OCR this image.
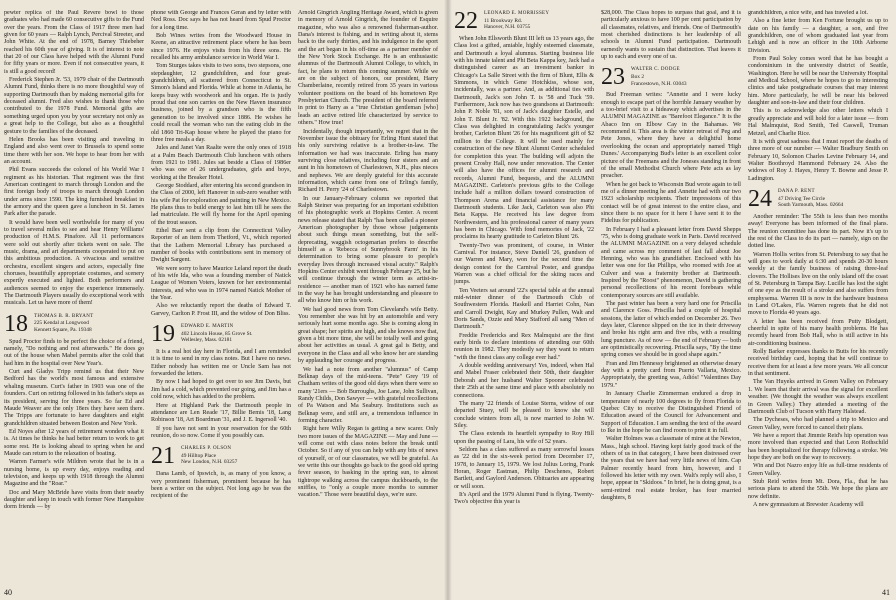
pewter replica of the Paul Revere bowl to those graduates who had made 60 consecutive gifts to the Fund over the years. From the Class of 1917 three men had given for 60 years — Ralph Lynch, Percival Streeter, and John White. At the end of 1978, Barney Thiebeher reached his 60th year of giving. It is of interest to note that 20 of our Class have helped with the Alumni Fund for fifty years or more. Even if not consecutive years, it is still a good record!

Frederick Stephen Jr. '53, 1979 chair of the Dartmouth Alumni Fund, thinks there is no more thoughtful way of supporting Dartmouth than by making memorial gifts for deceased alumni. Fred also wishes to thank those who contributed to the 1978 Fund. Memorial gifts are something urged upon you by your secretary not only as a great help to the College, but also as a thoughtful gesture to the families of the deceased.

Helen Brooks has been visiting and traveling in England and also went over to Brussels to spend some time there with her son. We hope to hear from her with an account.

Phil Evans succeeds the colonel of his World War I regiment as his historian. That regiment was the first American contingent to march through London and the first foreign body of troops to march through London under arms since 1590. The king furnished breakfast in the armory and the queen gave a luncheon in St. James Park after the parade.

It would have been well worthwhile for many of you to travel several miles to see and hear Henry Williams' production of H.M.S. Pinafore. All 11 performances were sold out shortly after tickets went on sale. The music, drama, and art departments cooperated to put on this ambitious production. A vivacious and sensitive orchestra, excellent singers and actors, especially fine choruses, beautifully appropriate costumes, and scenery expertly executed and lighted. Both performers and audiences seemed to enjoy the experience immensely. The Dartmouth Players usually do exceptional work with musicals. Let us have more of them!

18 THOMAS B. R. BRYANT
225 Kendal at Longwood
Kennett Square, Pa. 19348

Spud Proctor finds to be perfect the choice of a friend, namely, "Do nothing and rest afterwards." He does go out of the house when Mabel permits after the cold that had him in the hospital over New Year's.

Curt and Gladys Tripp remind us that their New Bedford has the world's most famous and extensive whaling museum. Curt's father in 1903 was one of the founders. Curt on retiring followed in his father's steps as its president, serving for three years. So far Ed and Maude Weaver are the only 18ers they have seen there. The Tripps are fortunate to have daughters and eight grandchildren situated between Boston and New York.

Ed Noyes after 12 years of retirement wonders what it is. At times he thinks he had better return to work to get some rest. He is looking ahead to spring when he and Maude can return to the relaxation of boating.

Warren Farmer's wife Mildren wrote that he is in a nursing home, is up every day, enjoys reading and television, and keeps up with 1918 through the Alumni Magazine and the "Roar."

Doc and Mary McBride have visits from their nearby daughter and keep in touch with former New Hampshire dorm friends — by

phone with George and Frances Geran and by letter with Ned Ross. Doc says he has not heard from Spud Proctor for a long time.

Bob Wines writes from the Woodward House in Keene, an attractive retirement place where he has been since 1976. He enjoys visits from his three sons. He recalled his army ambulance service in World War I.

Tom Sturges takes visits to two sons, two stepsons, one stepdaughter, 12 grandchildren, and four great-grandchildren, all scattered from Connecticut to St. Simon's Island and Florida. While at home in Atlanta, he keeps busy with woodwork and his organ. He is justly proud that one son carries on the New Haven insurance business, joined by a grandson who is the fifth generation to be involved since 1886. He wishes he could recall the woman who ran the eating club in the old 1860 Tri-Kap house where he played the piano for three free meals a day.

Jules and Janet Van Raalte were the only ones of 1918 at a Palm Beach Dartmouth Club luncheon with others from 1921 to 1981. Jules sat beside a Class of 1986er who was one of 26 undergraduates, girls and boys, working at the Breaker Hotel.

George Stoddard, after entering his second grandson in the Class of 2000, left Hanover in sub-zero weather with his wife Pat for exploration and painting in New Mexico. He plans thus to build energy to last him till he sees the lad matriculate. He will fly home for the April opening of the trout season.

Ethel Barr sent a clip from the Connecticut Valley Reporter of an item from Thetford, Vt., which reported that the Lathem Memorial Library has purchased a number of books with contributions sent in memory of Dwight Sargent.

We were sorry to have Maurice Leland report the death of his wife Ida, who was a founding member of Natick League of Women Voters, known for her environmental interests, and who was in 1974 named Natick Mother of the Year.

Also we reluctantly report the deaths of Edward T. Garvey, Carlton P. Frost III, and the widow of Don Bliss.

19 EDWARD E. MARTIN
402 Lincoln House, 85 Grove St.
Wellesley, Mass. 02181

It is a real hot day here in Florida, and I am reminded it is time to send in my class notes. But I have no news. Either nobody has written me or Uncle Sam has not forwarded the letters.

By now I had hoped to get over to see Jim Davis, but Jim had a cold, which prevented our going, and Jim has a cold now, which has added to the problem.

Here at Highland Park the Dartmouth people in attendance are Len Reade '17, Billie Bemis '18, Lang Robinson '18, Art Boardman '31, and J. E. Ingersoll '40.

If you have not sent in your reservation for the 60th reunion, do so now. Come if you possibly can.

21 CHARLES P. OLSON
49 Hilltop Place
New London, N.H. 03257

Dana Lamb, of Ipswich, is, as many of you know, a very prominent fisherman, prominent because he has been a writer on the subject. Not long ago he was the recipient of the

Arnold Gingrich Angling Heritage Award, which is given in memory of Arnold Gingrich, the founder of Esquire magazine, who was also a renowned fisherman-author. Dana's interest is fishing, and in writing about it, stems back to the early thirties, and his indulgence in the sport and the art began in his off-time as a partner member of the New York Stock Exchange. He is an enthusiastic alumnus of the Dartmouth Alumni College, to which, in fact, he plans to return this coming summer. While we are on the subject of honors, our president, Harry Chamberlaine, recently retired from 35 years in various volunteer positions on the board of his hometown Rye Presbyterian Church. The president of the board referred in print to Harry as a "true Christian gentleman [who] leads an active retired life characterized by service to others." How true!

Incidentally, though importantly, we regret that in the November issue the obituary for Erling Hunt stated that his only surviving relative is a brother-in-law. The information we had was inaccurate. Erling has many surviving close relatives, including four sisters and an aunt in his hometown of Charlestown, N.H., plus nieces and nephews. We are deeply grateful for this accurate information, which came from one of Erling's family, Richard H. Perry '24 of Charlestown.

In our January-February column we reported that Ralph Steiner was preparing for an important exhibition of his photographic work at Hopkins Center. A recent news release stated that Ralph "has been called a pioneer American photographer by those whose judgements about such things mean something, but the self-deprecating, waggish octogenarian prefers to describe himself as a 'Rebecca of Sunnybrook Farm' in his determination to bring some pleasure to people's everyday lives through increased visual acuity." Ralph's Hopkins Center exhibit went through February 25, but he will continue through the winter term as artist-in-residence — another man of 1921 who has earned fame in the way he has brought understanding and pleasure to all who know him or his work.

We had good news from Tom Cleveland's wife Betty. You remember she was hit by an automobile and very seriously hurt some months ago. She is coming along in great shape; her spirits are high, and she knows now that, given a bit more time, she will be totally well and going about her activities as usual. A great gal is Betty, and everyone in the Class and all who know her are standing by applauding her courage and progress.

We had a note from another "alumnus" of Camp Belknap days of the mid-teens. "Pete" Grey '19 of Chatham writes of the good old days when there were so many '21ers — Bob Burroughs, Joe Lane, John Sullivan, Randy Childs, Don Sawyer — with grateful recollections of Pa Watson and Ma Seabury. Institutions such as Belknap were, and still are, a tremendous influence in forming character.

Right here Willy Regan is getting a new scarer. Only two more issues of the MAGAZINE — May and June — will come out with class notes before the break until October. So if any of you can help with any bits of news of yourself, or of our classmates, we will be grateful. As we write this our thoughts go back to the good old spring fever season, to basking in the spring sun, to almost tightrope walking across the campus duckboards, to the sniffles, to "only a couple more months to summer vacation." Those were beautiful days, we're sure.

40
22 LEONARD E. MORRISSEY
11 Brookway Rd.
Hanover, N.H. 03755

When John Ellsworth Blunt III left us 13 years ago, the Class lost a gifted, amiable, highly esteemed classmate, and Dartmouth a loyal alumnus. Starting business life with his innate talent and Phi Beta Kappa key, Jack had a distinguished career as an investment banker in Chicago's La Salle Street with the firm of Blunt, Ellis & Simmons, in which Gene Hotchkiss, whose son, incidentally, was a partner. And, as additional ties with Dartmouth, Jack's son John T. is '58 and Tuck '59. Furthermore, Jack now has two grandsons at Dartmouth: John P. Noble '81, son of Jack's daughter Estelle, and John T. Blunt Jr. '82. With this 1922 background, the Class was delighted in congratulating Jack's younger brother, Carleton Blunt '26 for his magnificent gift of $2 million to the College. It will be used mainly for construction of the new Blunt Alumni Center scheduled for completion this year. The building will adjoin the present Crosby Hall, now under renovation. The Center will also have the offices for alumni research and records, Alumni Fund, bequests, and the ALUMNI MAGAZINE. Carleton's previous gifts to the College include half a million dollars toward construction of Thompson Arena and financial assistance for many Dartmouth students. Like Jack, Carleton was also Phi Beta Kappa. He received his law degree from Northwestern, and his professional career of many years has been in Chicago. With fond memories of Jack, '22 proclaims its hearty gratitude to Carleton Blunt '26.

Twenty-Two was prominent, of course, in Winter Carnival. For instance, Steve Daniell '26, grandson of our Warren and Mary, won for the second time the design contest for the Carnival Poster, and grandpa Warren was a chief official for the skiing races and jumps.

Ten Veeters sat around '22's special table at the annual mid-winter dinner of the Dartmouth Club of Southwestern Florida. Haskell and Harriet Cohn, Nan and Carroll Dwight, Kay and Murkey Pullen, Walt and Doris Sands, Ozzie and Mary Stafford all sang "Men of Dartmouth."

Freddie Fredericks and Rex Malmquist are the first early birds to declare intentions of attending our 60th reunion in 1982. They modestly say they want to return "with the finest class any college ever had."

A double wedding anniversary! Yes, indeed, when Hal and Mabel Fraser celebrated their 50th, their daughter Deborah and her husband Walter Spooner celebrated their 25th at the same time and place with absolutely no connections.

The many '22 friends of Louise Sterns, widow of our departed Stuey, will be pleased to know she will conclude winters from all, is now married to John W. Siley.

The Class extends its heartfelt sympathy to Roy Hill upon the passing of Lara, his wife of 52 years.

Seldom has a class suffered as many sorrowful losses as '22 did in the six-week period from December 17, 1978, to January 15, 1979. We lost Julius Loring, Frank Horan, Roger Eastman, Philip Deschenes, Robert Bartlett, and Gaylord Anderson. Obituaries are appearing or will soon.

It's April and the 1979 Alumni Fund is flying. Twenty-Two's objective this year is

$28,000. The Class hopes to surpass that goal, and it is particularly anxious to have 100 per cent participation by all classmates, relatives, and friends. One of Dartmouth's most cherished distinctions is her leadership of all schools in Alumni Fund participation. Dartmouth earnestly wants to sustain that distinction. That leaves it up to each and every one of us.

23 WALTER C. DODGE
Box 2
Francestown, N.H. 03043

Bud Freeman writes: "Annette and I were lucky enough to escape part of the horrible January weather by a too-brief visit to a hideaway which advertises in the ALUMNI MAGAZINE as "Barefoot Elegance." It is the Abaco Inn on Elbow Cay in the Bahamas. We recommend it. This area is the winter retreat of Peg and Pete Jones, where they have a delightful home overlooking the ocean and appropriately named 'High Dunes.' Accompanying Bud's letter is an excellent color picture of the Freemans and the Joneses standing in front of the small Methodist Church where Pete acts as lay preacher.

When he got back to Wisconsin Bud wrote again to tell me of a dinner meeting he and Annette had with our two 1923 scholarship recipients. Their impressions of this contact will be of great interest to the entire class, and since there is no space for it here I have sent it to the Fidelius for publication.

In February I had a pleasant letter from David Shepps '75, who is doing graduate work in Paris. David received the ALUMNI MAGAZINE on a very delayed schedule and came across my comment of last fall about Joe Henning, who was his grandfather. Enclosed with his letter was one for Ike Phillips, who roomed with Joe at Culver and was a fraternity brother at Dartmouth. Inspired by the "Roost" phenomenon, David is gathering personal recollections of his recent forebears while contemporary sources are still available.

The past winter has been a very hard one for Priscilla and Clarence Goss. Priscilla had a couple of hospital sessions, the latter of which ended on December 26. Two days later, Clarence slipped on the ice in their driveway and broke his right arm and five ribs, with a resulting lung puncture. As of now — the end of February — both are optimistically recovering. Priscilla says, "By the time spring comes we should be in good shape again."

Fran and Jim Hennessy brightened an otherwise dreary day with a pretty card from Puerto Vallarta, Mexico. Appropriately, the greeting was, Adiós! "Valentines Day 1979."

In January Charlie Zimmerman endured a drop in temperature of nearly 100 degrees to fly from Florida to Quebec City to receive the Distinguished Friend of Education award of the Council for Advancement and Support of Education. I am sending the text of the award to Ike in the hope he can find room to print it in full.

Walter Holmes was a classmate of mine at the Newton, Mass., high school. Having kept fairly good track of the others of us in that category, I have been distressed over the years that we have had very little news of him. Cap Palmer recently heard from him, however, and I followed his letter with my own. Walt's reply will also, I hope, appear in "Skidoos." In brief, he is doing great, is a semi-retired real estate broker, has four married daughters, 8

grandchildren, a nice wife, and has traveled a lot.

Also a fine letter from Ken Fortune brought us up to date on his family — a daughter, a son, and five grandchildren, one of whom graduated last year from Lehigh and is now an officer in the 10th Airborne Division.

From Paul Soley comes word that he has bought a condominium in the university district of Seattle, Washington. Here he will be near the University Hospital and Medical School, where he hopes to go to interesting clinics and take postgraduate courses that may interest him. More particularly, he will be near his beloved daughter and son-in-law and their four children.

This is to acknowledge also other letters which I greatly appreciate and will hold for a later issue — from Hal Malmquist, Rod Smith, Ted Caswell, Truman Metzel, and Charlie Rice.

It is with great sadness that I must report the deaths of three more of our number — Walter Bradbury Smith on February 10, Solomon Charles Levine February 14, and Walter Boothroyd Hammond February 24. Also the widows of Roy J. Hayes, Henry T. Bowne and Jesse P. Ladington.

24 DANA P. RENT
47 Driving Tee Circle
South Yarmouth, Mass. 02664

Another reminder: The 55th is less than two months away! Everyone has been informed of the final plans. The reunion committee has done its part. Now it's up to the rest of the Class to do its part — namely, sign on the dotted line.

Warren Hollis writes from St. Petersburg to say that he will goes to work daily at 6:30 and spends 20-30 hours weekly at the family business of raising three-leaf clovers. The Hollises live on the only island off the coast of St. Petersburg in Tampa Bay. Lucille has lost the sight of one eye as the result of a stroke and also suffers from emphysema. Warren III is now in the hardware business in Land O'Lakes, Fla. Warren regrets that he did not move to Florida 40 years ago.

A letter has been received from Putty Blodgett, cheerful in spite of his many health problems. He has recently heard from Bob Hall, who is still active in his air-conditioning business.

Rolly Barker expresses thanks to Butts for his recently received birthday card, hoping that he will continue to receive them for at least a few more years. We all concur in that sentiment.

The Van Huyeks arrived in Green Valley on February 1. We learn that their arrival was the signal for excellent weather. (We thought the weather was always excellent in Green Valley.) They attended a meeting of the Dartmouth Club of Tucson with Harry Halstead.

The Dycheses, who had planned a trip to Mexico and Green Valley, were forced to cancel their plans.

We have a report that Jimmie Reid's hip operation was more involved than expected and that Leon Rothschild has been hospitalized for therapy following a stroke. We hope they are both on the way to recovery.

Win and Dot Nazro enjoy life as full-time residents of Green Valley.

Stub Reid writes from Mt. Dora, Fla., that he has serious plans to attend the 55th. We hope the plans are now definite.

A new gymnasium at Brewster Academy will

41
